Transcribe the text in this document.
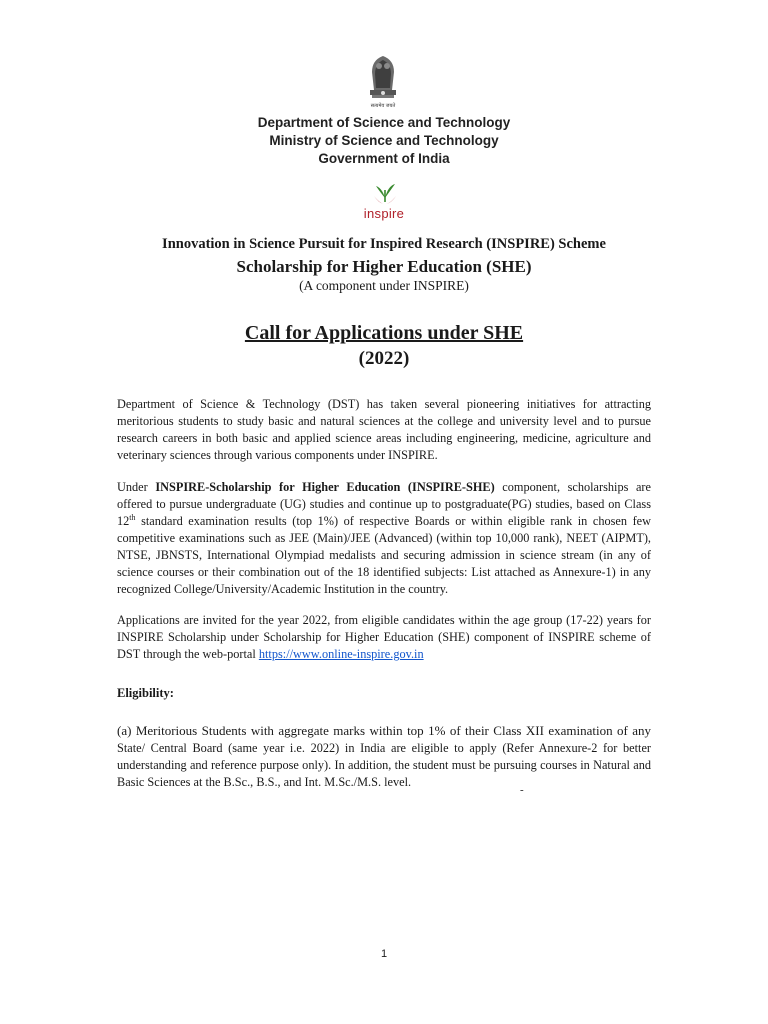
सत्यमेव जयते
Department of Science and Technology
Ministry of Science and Technology
Government of India
inspire
Innovation in Science Pursuit for Inspired Research (INSPIRE) Scheme
Scholarship for Higher Education (SHE)
(A component under INSPIRE)
Call for Applications under SHE
(2022)
Department of Science & Technology (DST) has taken several pioneering initiatives for attracting meritorious students to study basic and natural sciences at the college and university level and to pursue research careers in both basic and applied science areas including engineering, medicine, agriculture and veterinary sciences through various components under INSPIRE.
Under INSPIRE-Scholarship for Higher Education (INSPIRE-SHE) component, scholarships are offered to pursue undergraduate (UG) studies and continue up to postgraduate(PG) studies, based on Class 12th standard examination results (top 1%) of respective Boards or within eligible rank in chosen few competitive examinations such as JEE (Main)/JEE (Advanced) (within top 10,000 rank), NEET (AIPMT), NTSE, JBNSTS, International Olympiad medalists and securing admission in science stream (in any of science courses or their combination out of the 18 identified subjects: List attached as Annexure-1) in any recognized College/University/Academic Institution in the country.
Applications are invited for the year 2022, from eligible candidates within the age group (17-22) years for INSPIRE Scholarship under Scholarship for Higher Education (SHE) component of INSPIRE scheme of DST through the web-portal https://www.online-inspire.gov.in
Eligibility:
(a) Meritorious Students with aggregate marks within top 1% of their Class XII examination of any State/ Central Board (same year i.e. 2022) in India are eligible to apply (Refer Annexure-2 for better understanding and reference purpose only). In addition, the student must be pursuing courses in Natural and Basic Sciences at the B.Sc., B.S., and Int. M.Sc./M.S. level.
-
1
